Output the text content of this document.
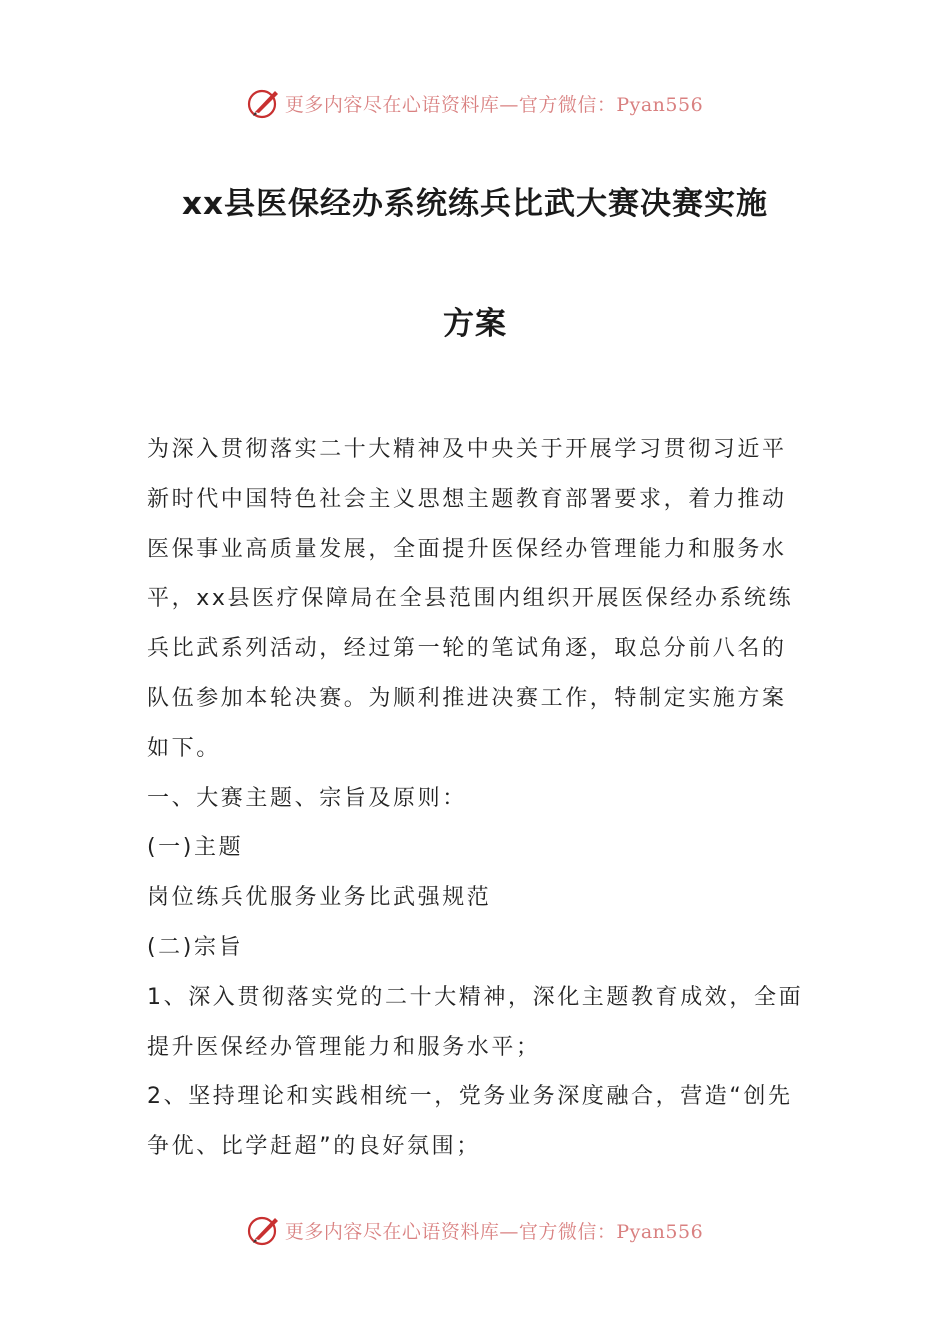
更多内容尽在心语资料库—官方微信：Pyan556
xx县医保经办系统练兵比武大赛决赛实施
方案

为深入贯彻落实二十大精神及中央关于开展学习贯彻习近平新时代中国特色社会主义思想主题教育部署要求，着力推动医保事业高质量发展，全面提升医保经办管理能力和服务水平，xx县医疗保障局在全县范围内组织开展医保经办系统练兵比武系列活动，经过第一轮的笔试角逐，取总分前八名的队伍参加本轮决赛。为顺利推进决赛工作，特制定实施方案如下。

一、大赛主题、宗旨及原则：

(一)主题

岗位练兵优服务业务比武强规范

(二)宗旨

1、深入贯彻落实党的二十大精神，深化主题教育成效，全面提升医保经办管理能力和服务水平；

2、坚持理论和实践相统一，党务业务深度融合，营造“创先争优、比学赶超”的良好氛围；

更多内容尽在心语资料库—官方微信：Pyan556
